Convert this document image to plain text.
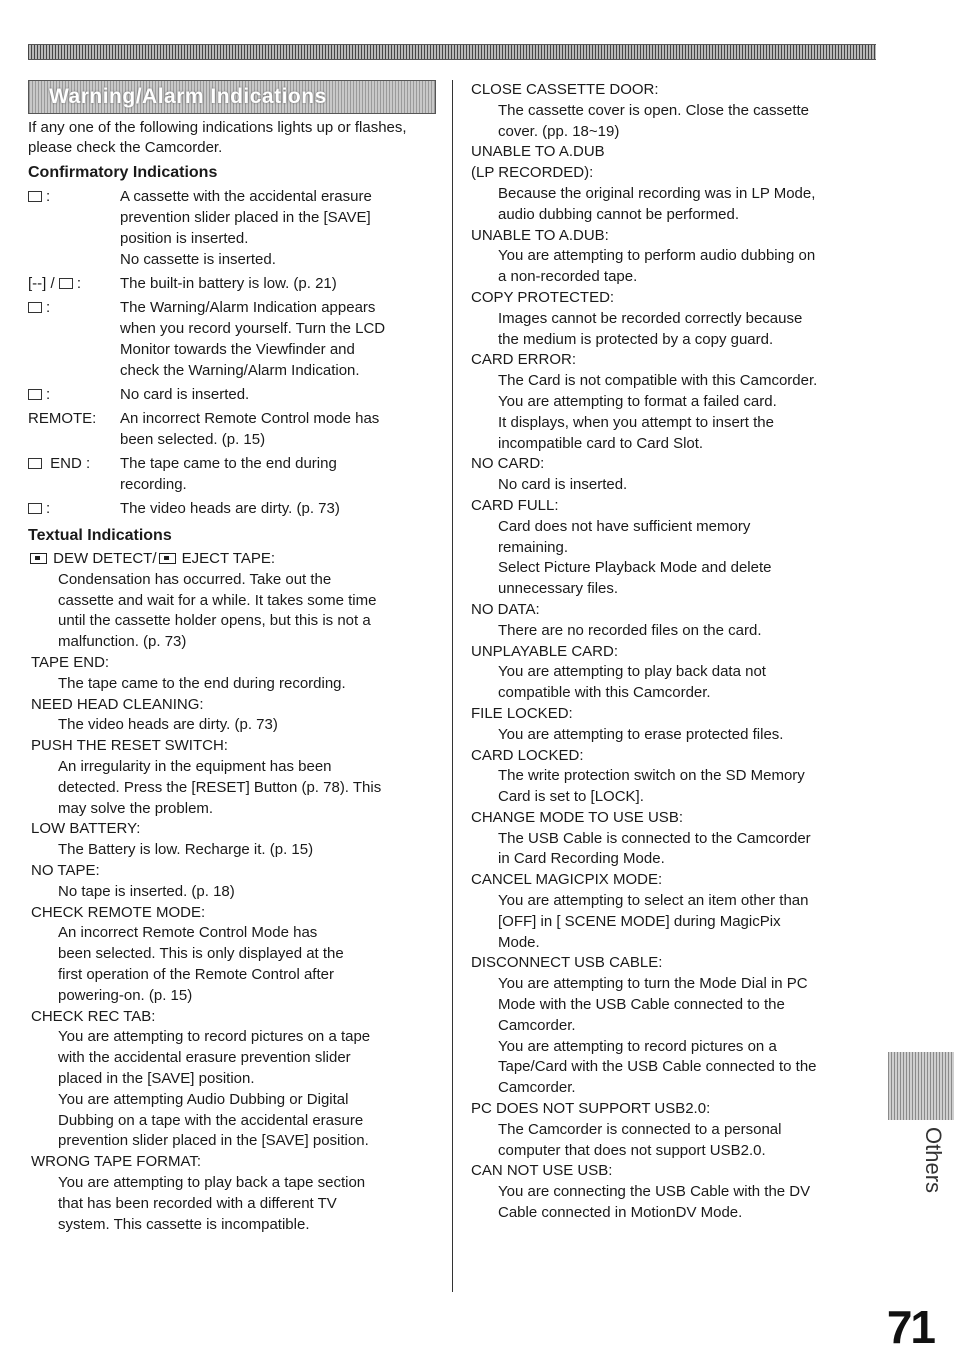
Warning/Alarm Indications

If any one of the following indications lights up or flashes, please check the Camcorder.

Confirmatory Indications
:	A cassette with the accidental erasure
prevention slider placed in the [SAVE]
position is inserted.
No cassette is inserted.
[--] / :	The built-in battery is low. (p. 21)
:	The Warning/Alarm Indication appears
when you record yourself. Turn the LCD
Monitor towards the Viewfinder and
check the Warning/Alarm Indication.
:	No card is inserted.
REMOTE:	An incorrect Remote Control mode has
been selected. (p. 15)
END :	The tape came to the end during
recording.
:	The video heads are dirty. (p. 73)
Textual Indications

DEW DETECT/ EJECT TAPE:

Condensation has occurred. Take out the

cassette and wait for a while. It takes some time

until the cassette holder opens, but this is not a

malfunction. (p. 73)

TAPE END:

The tape came to the end during recording.

NEED HEAD CLEANING:

The video heads are dirty. (p. 73)

PUSH THE RESET SWITCH:

An irregularity in the equipment has been

detected. Press the [RESET] Button (p. 78). This

may solve the problem.

LOW BATTERY:

The Battery is low. Recharge it. (p. 15)

NO TAPE:

No tape is inserted. (p. 18)

CHECK REMOTE MODE:

An incorrect Remote Control Mode has

been selected. This is only displayed at the

first operation of the Remote Control after

powering-on. (p. 15)

CHECK REC TAB:

You are attempting to record pictures on a tape

with the accidental erasure prevention slider

placed in the [SAVE] position.

You are attempting Audio Dubbing or Digital

Dubbing on a tape with the accidental erasure

prevention slider placed in the [SAVE] position.

WRONG TAPE FORMAT:

You are attempting to play back a tape section

that has been recorded with a different TV

system. This cassette is incompatible.

CLOSE CASSETTE DOOR:

The cassette cover is open. Close the cassette

cover. (pp. 18~19)

UNABLE TO A.DUB

(LP RECORDED):

Because the original recording was in LP Mode,

audio dubbing cannot be performed.

UNABLE TO A.DUB:

You are attempting to perform audio dubbing on

a non-recorded tape.

COPY PROTECTED:

Images cannot be recorded correctly because

the medium is protected by a copy guard.

CARD ERROR:

The Card is not compatible with this Camcorder.

You are attempting to format a failed card.

It displays, when you attempt to insert the

incompatible card to Card Slot.

NO CARD:

No card is inserted.

CARD FULL:

Card does not have sufficient memory

remaining.

Select Picture Playback Mode and delete

unnecessary files.

NO DATA:

There are no recorded files on the card.

UNPLAYABLE CARD:

You are attempting to play back data not

compatible with this Camcorder.

FILE LOCKED:

You are attempting to erase protected files.

CARD LOCKED:

The write protection switch on the SD Memory

Card is set to [LOCK].

CHANGE MODE TO USE USB:

The USB Cable is connected to the Camcorder

in Card Recording Mode.

CANCEL MAGICPIX MODE:

You are attempting to select an item other than

[OFF] in [ SCENE MODE] during MagicPix

Mode.

DISCONNECT USB CABLE:

You are attempting to turn the Mode Dial in PC

Mode with the USB Cable connected to the

Camcorder.

You are attempting to record pictures on a

Tape/Card with the USB Cable connected to the

Camcorder.

PC DOES NOT SUPPORT USB2.0:

The Camcorder is connected to a personal

computer that does not support USB2.0.

CAN NOT USE USB:

You are connecting the USB Cable with the DV

Cable connected in MotionDV Mode.

Others
71
